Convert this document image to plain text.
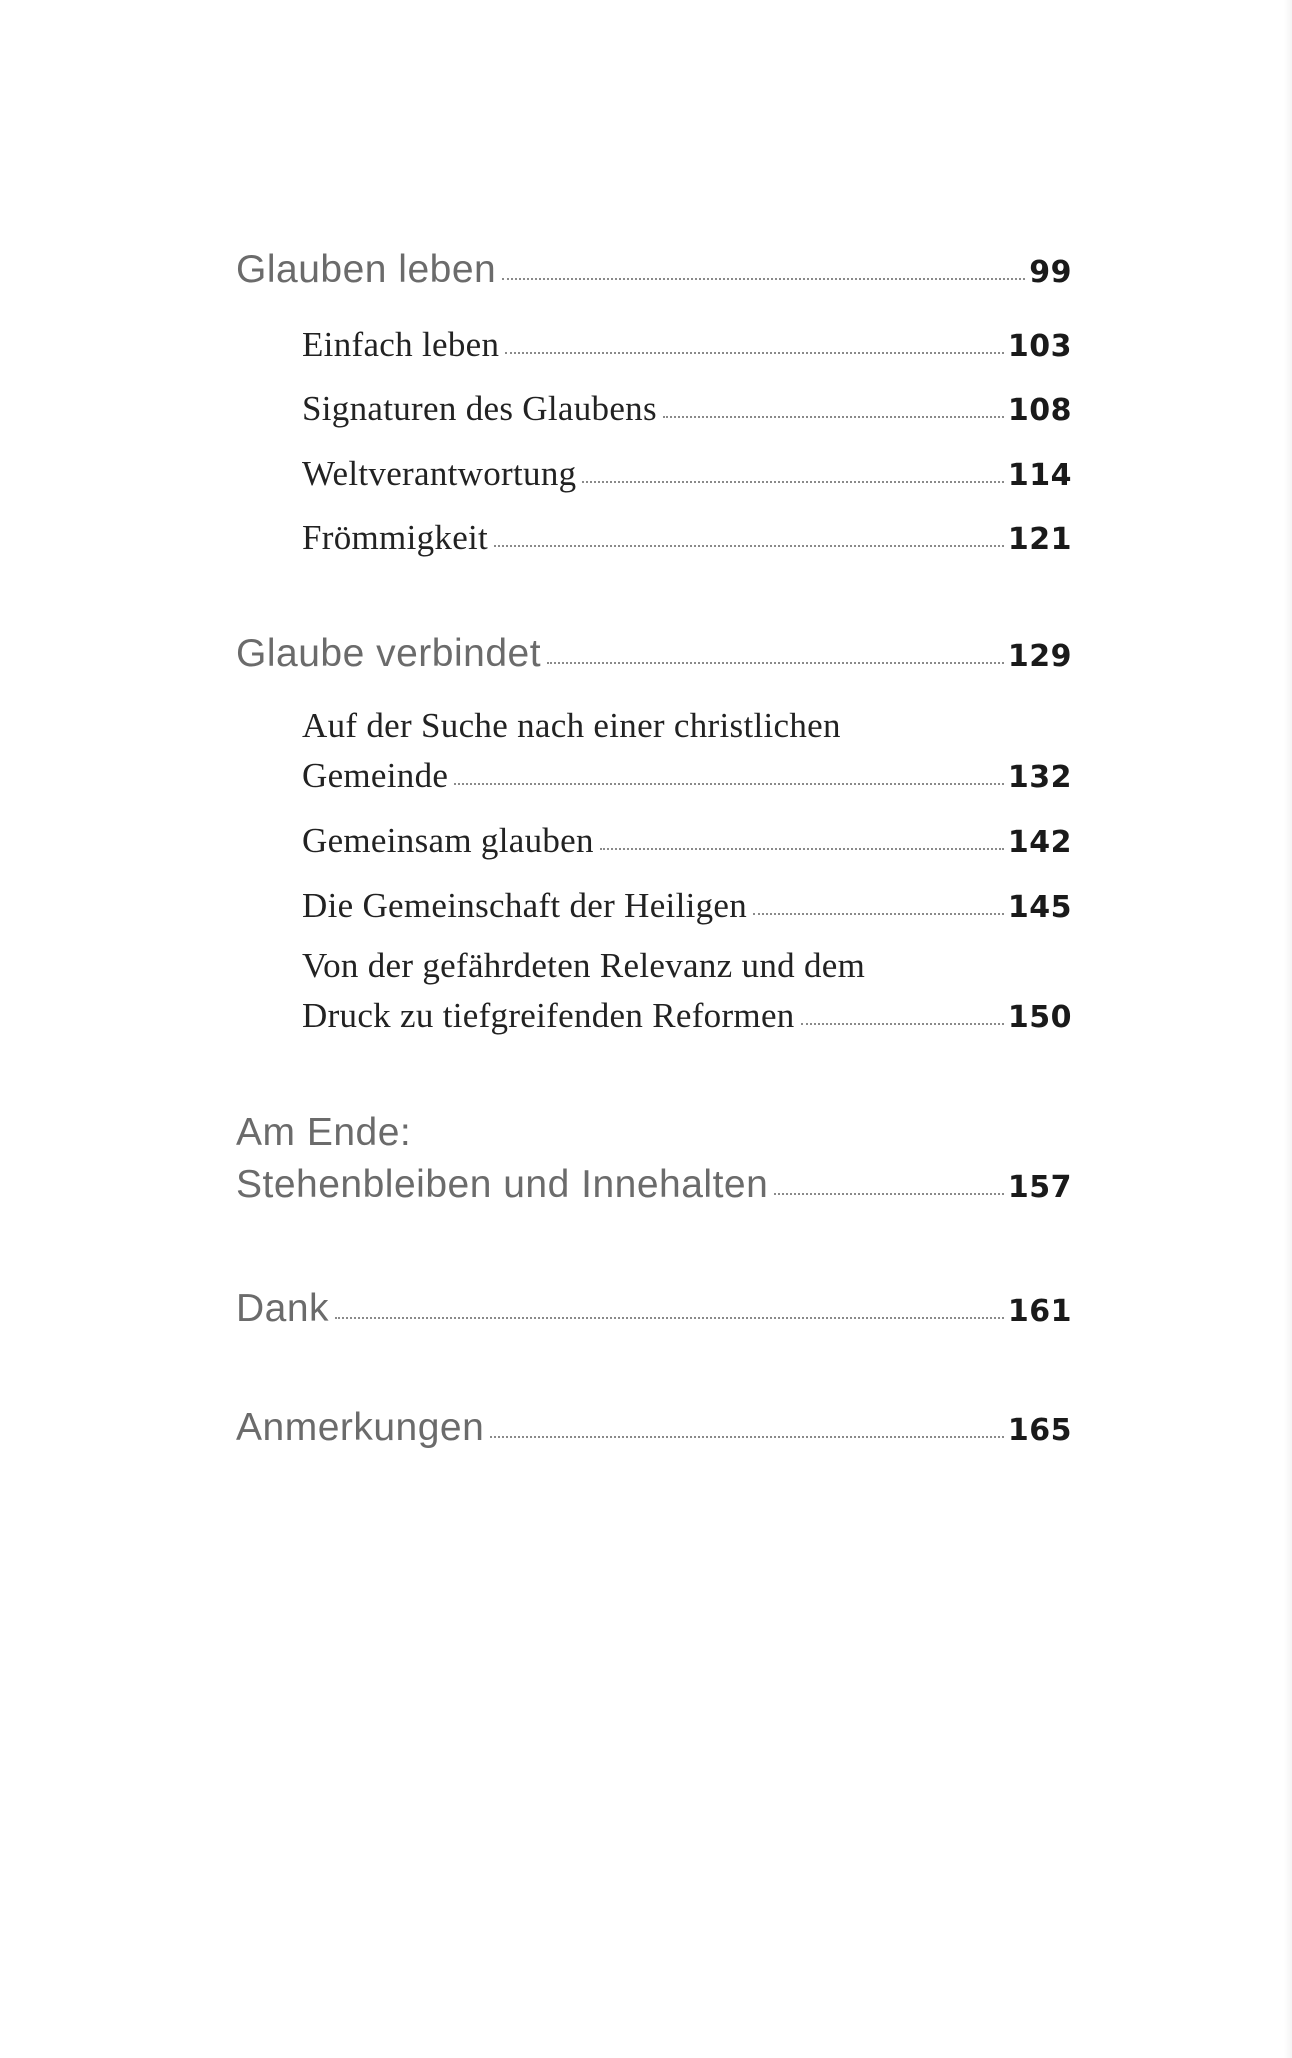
Glauben leben	99
Einfach leben	103
Signaturen des Glaubens	108
Weltverantwortung	114
Frömmigkeit	121
Glaube verbindet	129
Auf der Suche nach einer christlichen
Gemeinde	132
Gemeinsam glauben	142
Die Gemeinschaft der Heiligen	145
Von der gefährdeten Relevanz und dem
Druck zu tiefgreifenden Reformen	150
Am Ende:
Stehenbleiben und Innehalten	157
Dank	161
Anmerkungen	165
